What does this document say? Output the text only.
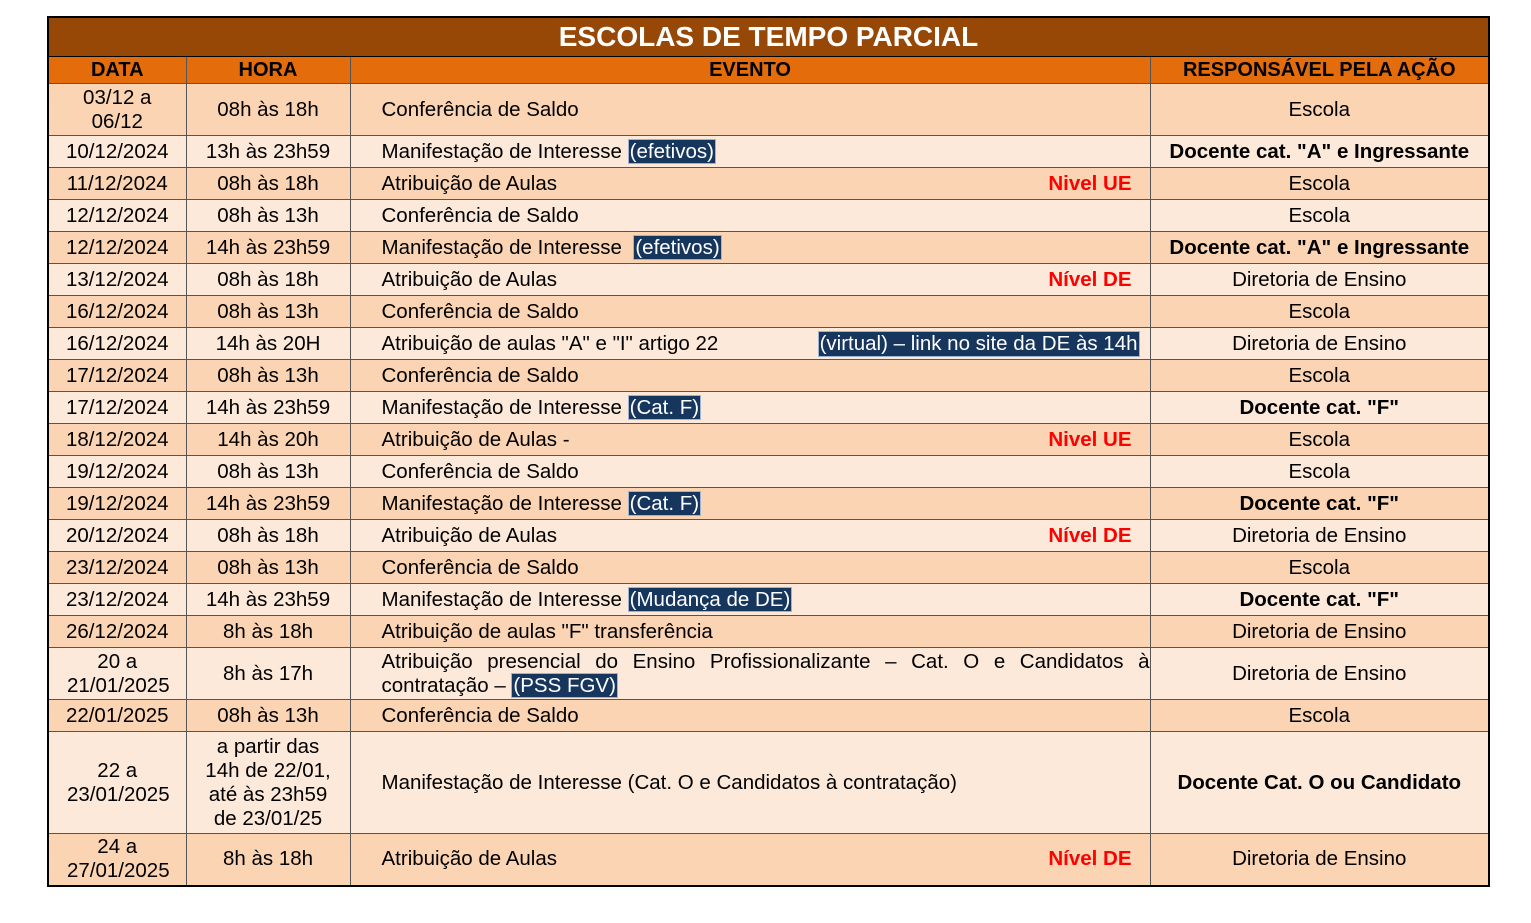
ESCOLAS DE TEMPO PARCIAL			
DATA	HORA	EVENTO	RESPONSÁVEL PELA AÇÃO
03/12 a 06/12	08h às 18h	Conferência de Saldo	Escola
10/12/2024	13h às 23h59	Manifestação de Interesse (efetivos)	Docente cat. "A" e Ingressante
11/12/2024	08h às 18h	Atribuição de Aulas Nivel UE	Escola
12/12/2024	08h às 13h	Conferência de Saldo	Escola
12/12/2024	14h às 23h59	Manifestação de Interesse  (efetivos)	Docente cat. "A" e Ingressante
13/12/2024	08h às 18h	Atribuição de Aulas Nível DE	Diretoria de Ensino
16/12/2024	08h às 13h	Conferência de Saldo	Escola
16/12/2024	14h às 20H	Atribuição de aulas "A" e "I" artigo 22 (virtual) – link no site da DE às 14h	Diretoria de Ensino
17/12/2024	08h às 13h	Conferência de Saldo	Escola
17/12/2024	14h às 23h59	Manifestação de Interesse (Cat. F)	Docente cat. "F"
18/12/2024	14h às 20h	Atribuição de Aulas - Nivel UE	Escola
19/12/2024	08h às 13h	Conferência de Saldo	Escola
19/12/2024	14h às 23h59	Manifestação de Interesse (Cat. F)	Docente cat. "F"
20/12/2024	08h às 18h	Atribuição de Aulas Nível DE	Diretoria de Ensino
23/12/2024	08h às 13h	Conferência de Saldo	Escola
23/12/2024	14h às 23h59	Manifestação de Interesse (Mudança de DE)	Docente cat. "F"
26/12/2024	8h às 18h	Atribuição de aulas "F" transferência	Diretoria de Ensino
20 a 21/01/2025	8h às 17h	Atribuição presencial do Ensino Profissionalizante – Cat. O e Candidatos à contratação – (PSS FGV)	Diretoria de Ensino
22/01/2025	08h às 13h	Conferência de Saldo	Escola
22 a 23/01/2025	a partir das 14h de 22/01, até às 23h59 de 23/01/25	Manifestação de Interesse (Cat. O e Candidatos à contratação)	Docente Cat. O ou Candidato
24 a 27/01/2025	8h às 18h	Atribuição de Aulas Nível DE	Diretoria de Ensino
